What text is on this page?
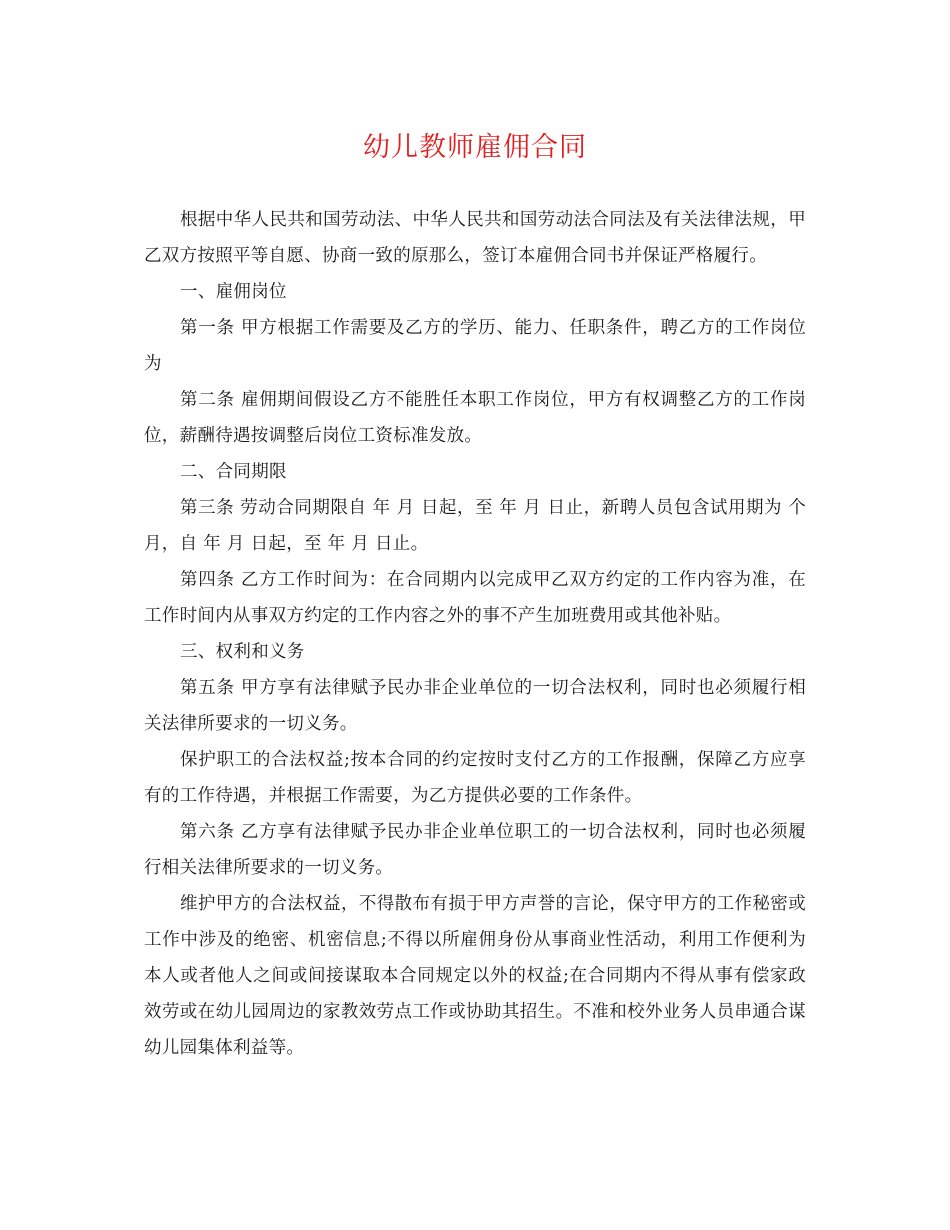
幼儿教师雇佣合同

根据中华人民共和国劳动法、中华人民共和国劳动法合同法及有关法律法规，甲乙双方按照平等自愿、协商一致的原那么，签订本雇佣合同书并保证严格履行。

一、雇佣岗位

第一条 甲方根据工作需要及乙方的学历、能力、任职条件，聘乙方的工作岗位为

第二条 雇佣期间假设乙方不能胜任本职工作岗位，甲方有权调整乙方的工作岗位，薪酬待遇按调整后岗位工资标准发放。

二、合同期限

第三条 劳动合同期限自 年 月 日起，至 年 月 日止，新聘人员包含试用期为 个月，自 年 月 日起，至 年 月 日止。

第四条 乙方工作时间为：在合同期内以完成甲乙双方约定的工作内容为准，在工作时间内从事双方约定的工作内容之外的事不产生加班费用或其他补贴。

三、权利和义务

第五条 甲方享有法律赋予民办非企业单位的一切合法权利，同时也必须履行相关法律所要求的一切义务。

保护职工的合法权益;按本合同的约定按时支付乙方的工作报酬，保障乙方应享有的工作待遇，并根据工作需要，为乙方提供必要的工作条件。

第六条 乙方享有法律赋予民办非企业单位职工的一切合法权利，同时也必须履行相关法律所要求的一切义务。

维护甲方的合法权益，不得散布有损于甲方声誉的言论，保守甲方的工作秘密或工作中涉及的绝密、机密信息;不得以所雇佣身份从事商业性活动，利用工作便利为本人或者他人之间或间接谋取本合同规定以外的权益;在合同期内不得从事有偿家政效劳或在幼儿园周边的家教效劳点工作或协助其招生。不准和校外业务人员串通合谋幼儿园集体利益等。
